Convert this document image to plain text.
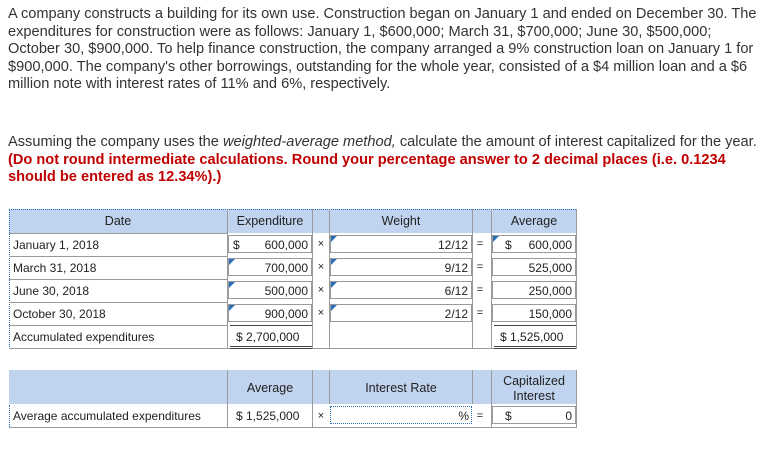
A company constructs a building for its own use. Construction began on January 1 and ended on December 30. The expenditures for construction were as follows: January 1, $600,000; March 31, $700,000; June 30, $500,000; October 30, $900,000. To help finance construction, the company arranged a 9% construction loan on January 1 for $900,000. The company's other borrowings, outstanding for the whole year, consisted of a $4 million loan and a $6 million note with interest rates of 11% and 6%, respectively.
Assuming the company uses the weighted-average method, calculate the amount of interest capitalized for the year. (Do not round intermediate calculations. Round your percentage answer to 2 decimal places (i.e. 0.1234 should be entered as 12.34%).)
Date	Expenditure	Weight	Average
January 1, 2018	$ 600,000 ×	12/12 = $ 600,000
March 31, 2018	700,000 ×	9/12 =	525,000
June 30, 2018	500,000 ×	6/12 =	250,000
October 30, 2018	900,000 ×	2/12 =	150,000
Accumulated expenditures	$ 2,700,000	$ 1,525,000
Average	Interest Rate	Capitalized Interest
Average accumulated expenditures	$ 1,525,000	×	% = $	0
